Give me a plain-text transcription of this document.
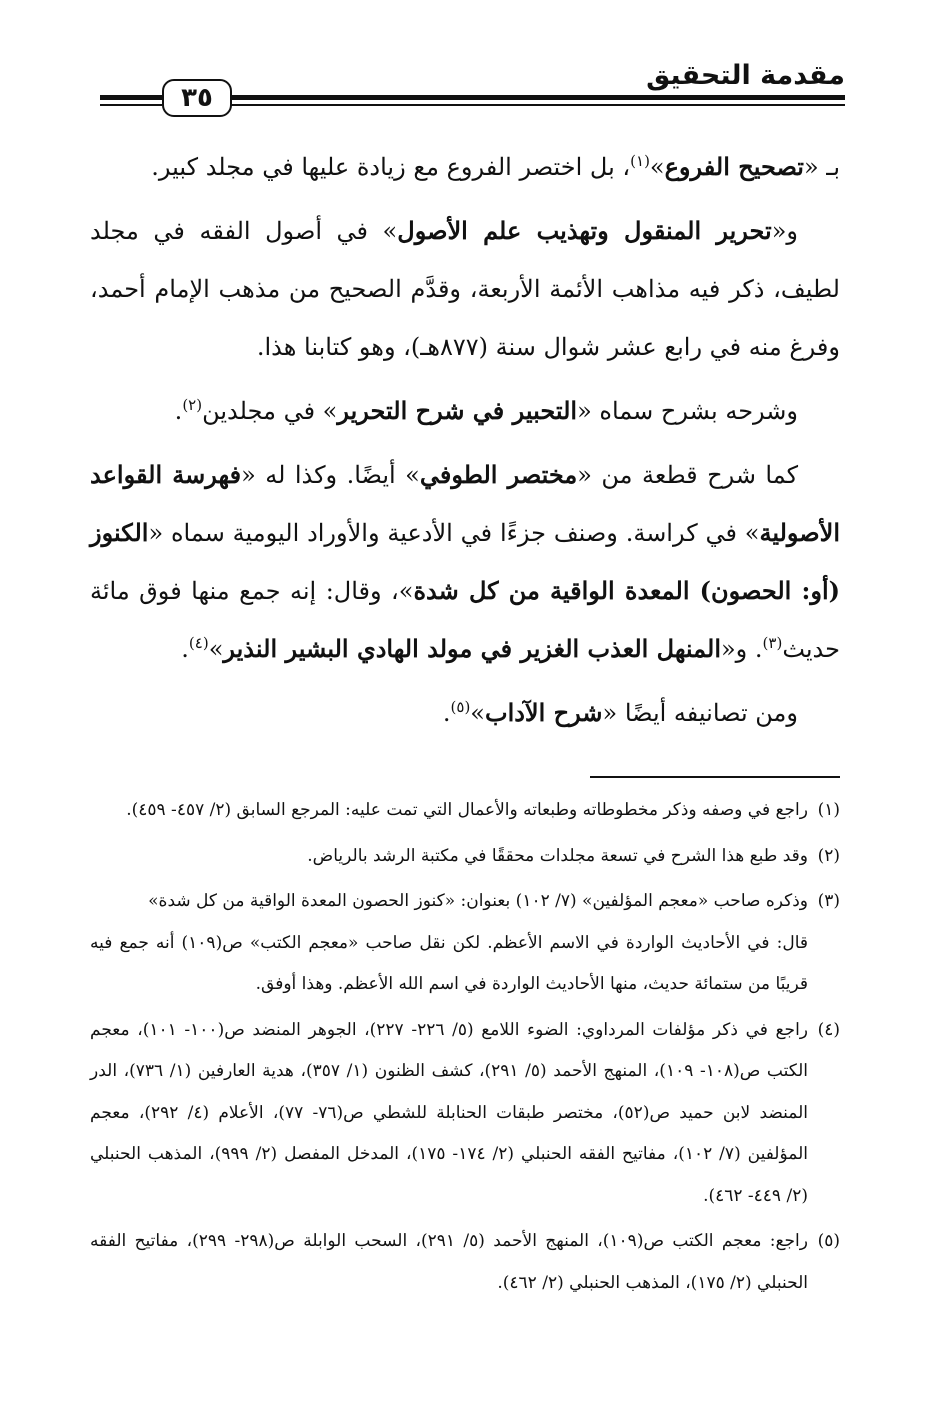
مقدمة التحقيق
٣٥

بـ «تصحيح الفروع»$^{(١)}$، بل اختصر الفروع مع زيادة عليها في مجلد كبير.

و«تحرير المنقول وتهذيب علم الأصول» في أصول الفقه في مجلد لطيف، ذكر فيه مذاهب الأئمة الأربعة، وقدَّم الصحيح من مذهب الإمام أحمد، وفرغ منه في رابع عشر شوال سنة (٨٧٧هـ)، وهو كتابنا هذا.

وشرحه بشرح سماه «التحبير في شرح التحرير» في مجلدين$^{(٢)}$.

كما شرح قطعة من «مختصر الطوفي» أيضًا. وكذا له «فهرسة القواعد الأصولية» في كراسة. وصنف جزءًا في الأدعية والأوراد اليومية سماه «الكنوز (أو: الحصون) المعدة الواقية من كل شدة»، وقال: إنه جمع منها فوق مائة حديث$^{(٣)}$. و«المنهل العذب الغزير في مولد الهادي البشير النذير»$^{(٤)}$.

ومن تصانيفه أيضًا «شرح الآداب»$^{(٥)}$.

(١)راجع في وصفه وذكر مخطوطاته وطبعاته والأعمال التي تمت عليه: المرجع السابق (٢/ ٤٥٧- ٤٥٩).

(٢)وقد طبع هذا الشرح في تسعة مجلدات محققًا في مكتبة الرشد بالرياض.

(٣)وذكره صاحب «معجم المؤلفين» (٧/ ١٠٢) بعنوان: «كنوز الحصون المعدة الواقية من كل شدة»

قال: في الأحاديث الواردة في الاسم الأعظم. لكن نقل صاحب «معجم الكتب» ص(١٠٩) أنه جمع فيه قريبًا من ستمائة حديث، منها الأحاديث الواردة في اسم الله الأعظم. وهذا أوفق.

(٤)راجع في ذكر مؤلفات المرداوي: الضوء اللامع (٥/ ٢٢٦- ٢٢٧)، الجوهر المنضد ص(١٠٠- ١٠١)، معجم الكتب ص(١٠٨- ١٠٩)، المنهج الأحمد (٥/ ٢٩١)، كشف الظنون (١/ ٣٥٧)، هدية العارفين (١/ ٧٣٦)، الدر المنضد لابن حميد ص(٥٢)، مختصر طبقات الحنابلة للشطي ص(٧٦- ٧٧)، الأعلام (٤/ ٢٩٢)، معجم المؤلفين (٧/ ١٠٢)، مفاتيح الفقه الحنبلي (٢/ ١٧٤- ١٧٥)، المدخل المفصل (٢/ ٩٩٩)، المذهب الحنبلي (٢/ ٤٤٩- ٤٦٢).

(٥)راجع: معجم الكتب ص(١٠٩)، المنهج الأحمد (٥/ ٢٩١)، السحب الوابلة ص(٢٩٨- ٢٩٩)، مفاتيح الفقه الحنبلي (٢/ ١٧٥)، المذهب الحنبلي (٢/ ٤٦٢).
